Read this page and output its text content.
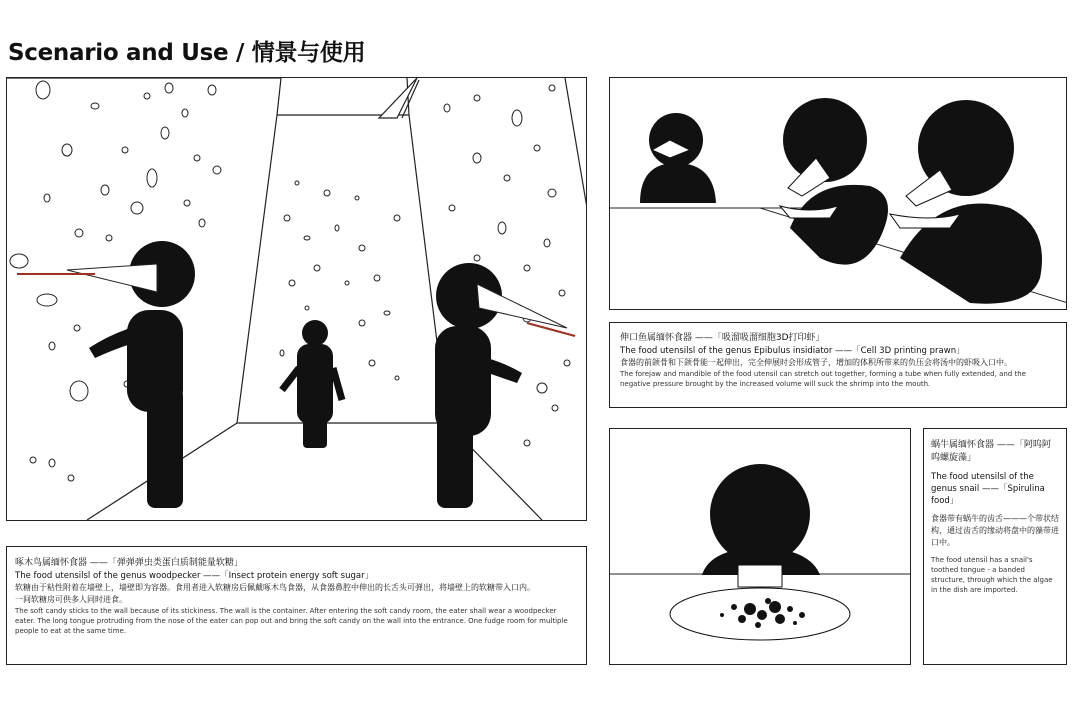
Scenario and Use / 情景与使用

啄木鸟属缅怀食器 ——「弹弹弹虫类蛋白质制能量软糖」

The food utensilsl of the genus woodpecker ——「Insect protein energy soft sugar」

软糖由于粘性附着在墙壁上，墙壁即为容器。食用者进入软糖房后佩戴啄木鸟食器，从食器鼻腔中伸出的长舌头可弹出，将墙壁上的软糖带入口内。

一间软糖房可供多人同时进食。

The soft candy sticks to the wall because of its stickiness. The wall is the container. After entering the soft candy room, the eater shall wear a woodpecker eater. The long tongue protruding from the nose of the eater can pop out and bring the soft candy on the wall into the entrance. One fudge room for multiple people to eat at the same time.

伸口鱼属缅怀食器 ——「吸溜吸溜细胞3D打印虾」

The food utensilsl of the genus Epibulus insidiator ——「Cell 3D printing prawn」

食器的前颌骨和下颌骨能一起伸出，完全伸展时会形成管子，增加的体积所带来的负压会将汤中的虾吸入口中。

The forejaw and mandible of the food utensil can stretch out together, forming a tube when fully extended, and the negative pressure brought by the increased volume will suck the shrimp into the mouth.

蜗牛属缅怀食器 ——「阿呜阿呜螺旋藻」

The food utensilsl of the genus snail ——「Spirulina food」

食器带有蜗牛的齿舌———个带状结构，通过齿舌的缘动将盘中的藻带进口中。

The food utensil has a snail's toothed tongue - a banded structure, through which the algae in the dish are imported.
